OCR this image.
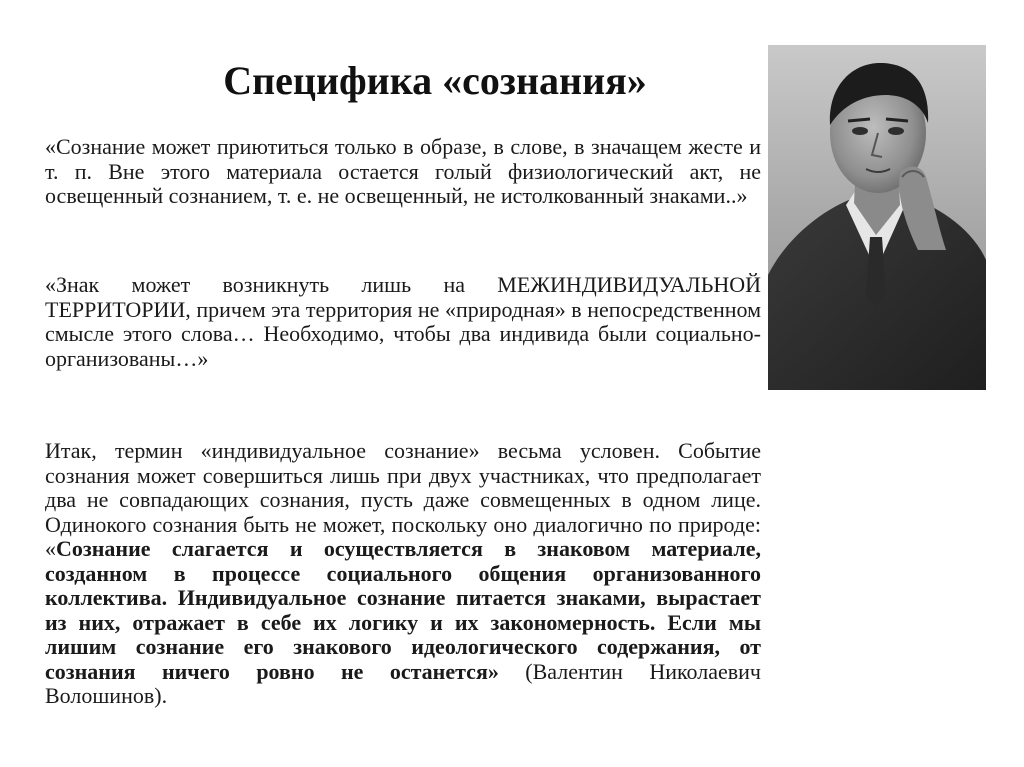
Специфика «сознания»

«Сознание может приютиться только в образе, в слове, в значащем жесте и т. п. Вне этого материала остается голый физиологический акт, не освещенный сознанием, т. е. не освещенный, не истолкованный знаками..»

«Знак может возникнуть лишь на МЕЖИНДИВИДУАЛЬНОЙ ТЕРРИТОРИИ, причем эта территория не «природная» в непосредственном смысле этого слова… Необходимо, чтобы два индивида были социально-организованы…»

Итак, термин «индивидуальное сознание» весьма условен. Событие сознания может совершиться лишь при двух участниках, что предполагает два не совпадающих сознания, пусть даже совмещенных в одном лице. Одинокого сознания быть не может, поскольку оно диалогично по природе: «Сознание слагается и осуществляется в знаковом материале, созданном в процессе социального общения организованного коллектива. Индивидуальное сознание питается знаками, вырастает из них, отражает в себе их логику и их закономерность. Если мы лишим сознание его знакового идеологического содержания, от сознания ничего ровно не останется» (Валентин Николаевич Волошинов).
